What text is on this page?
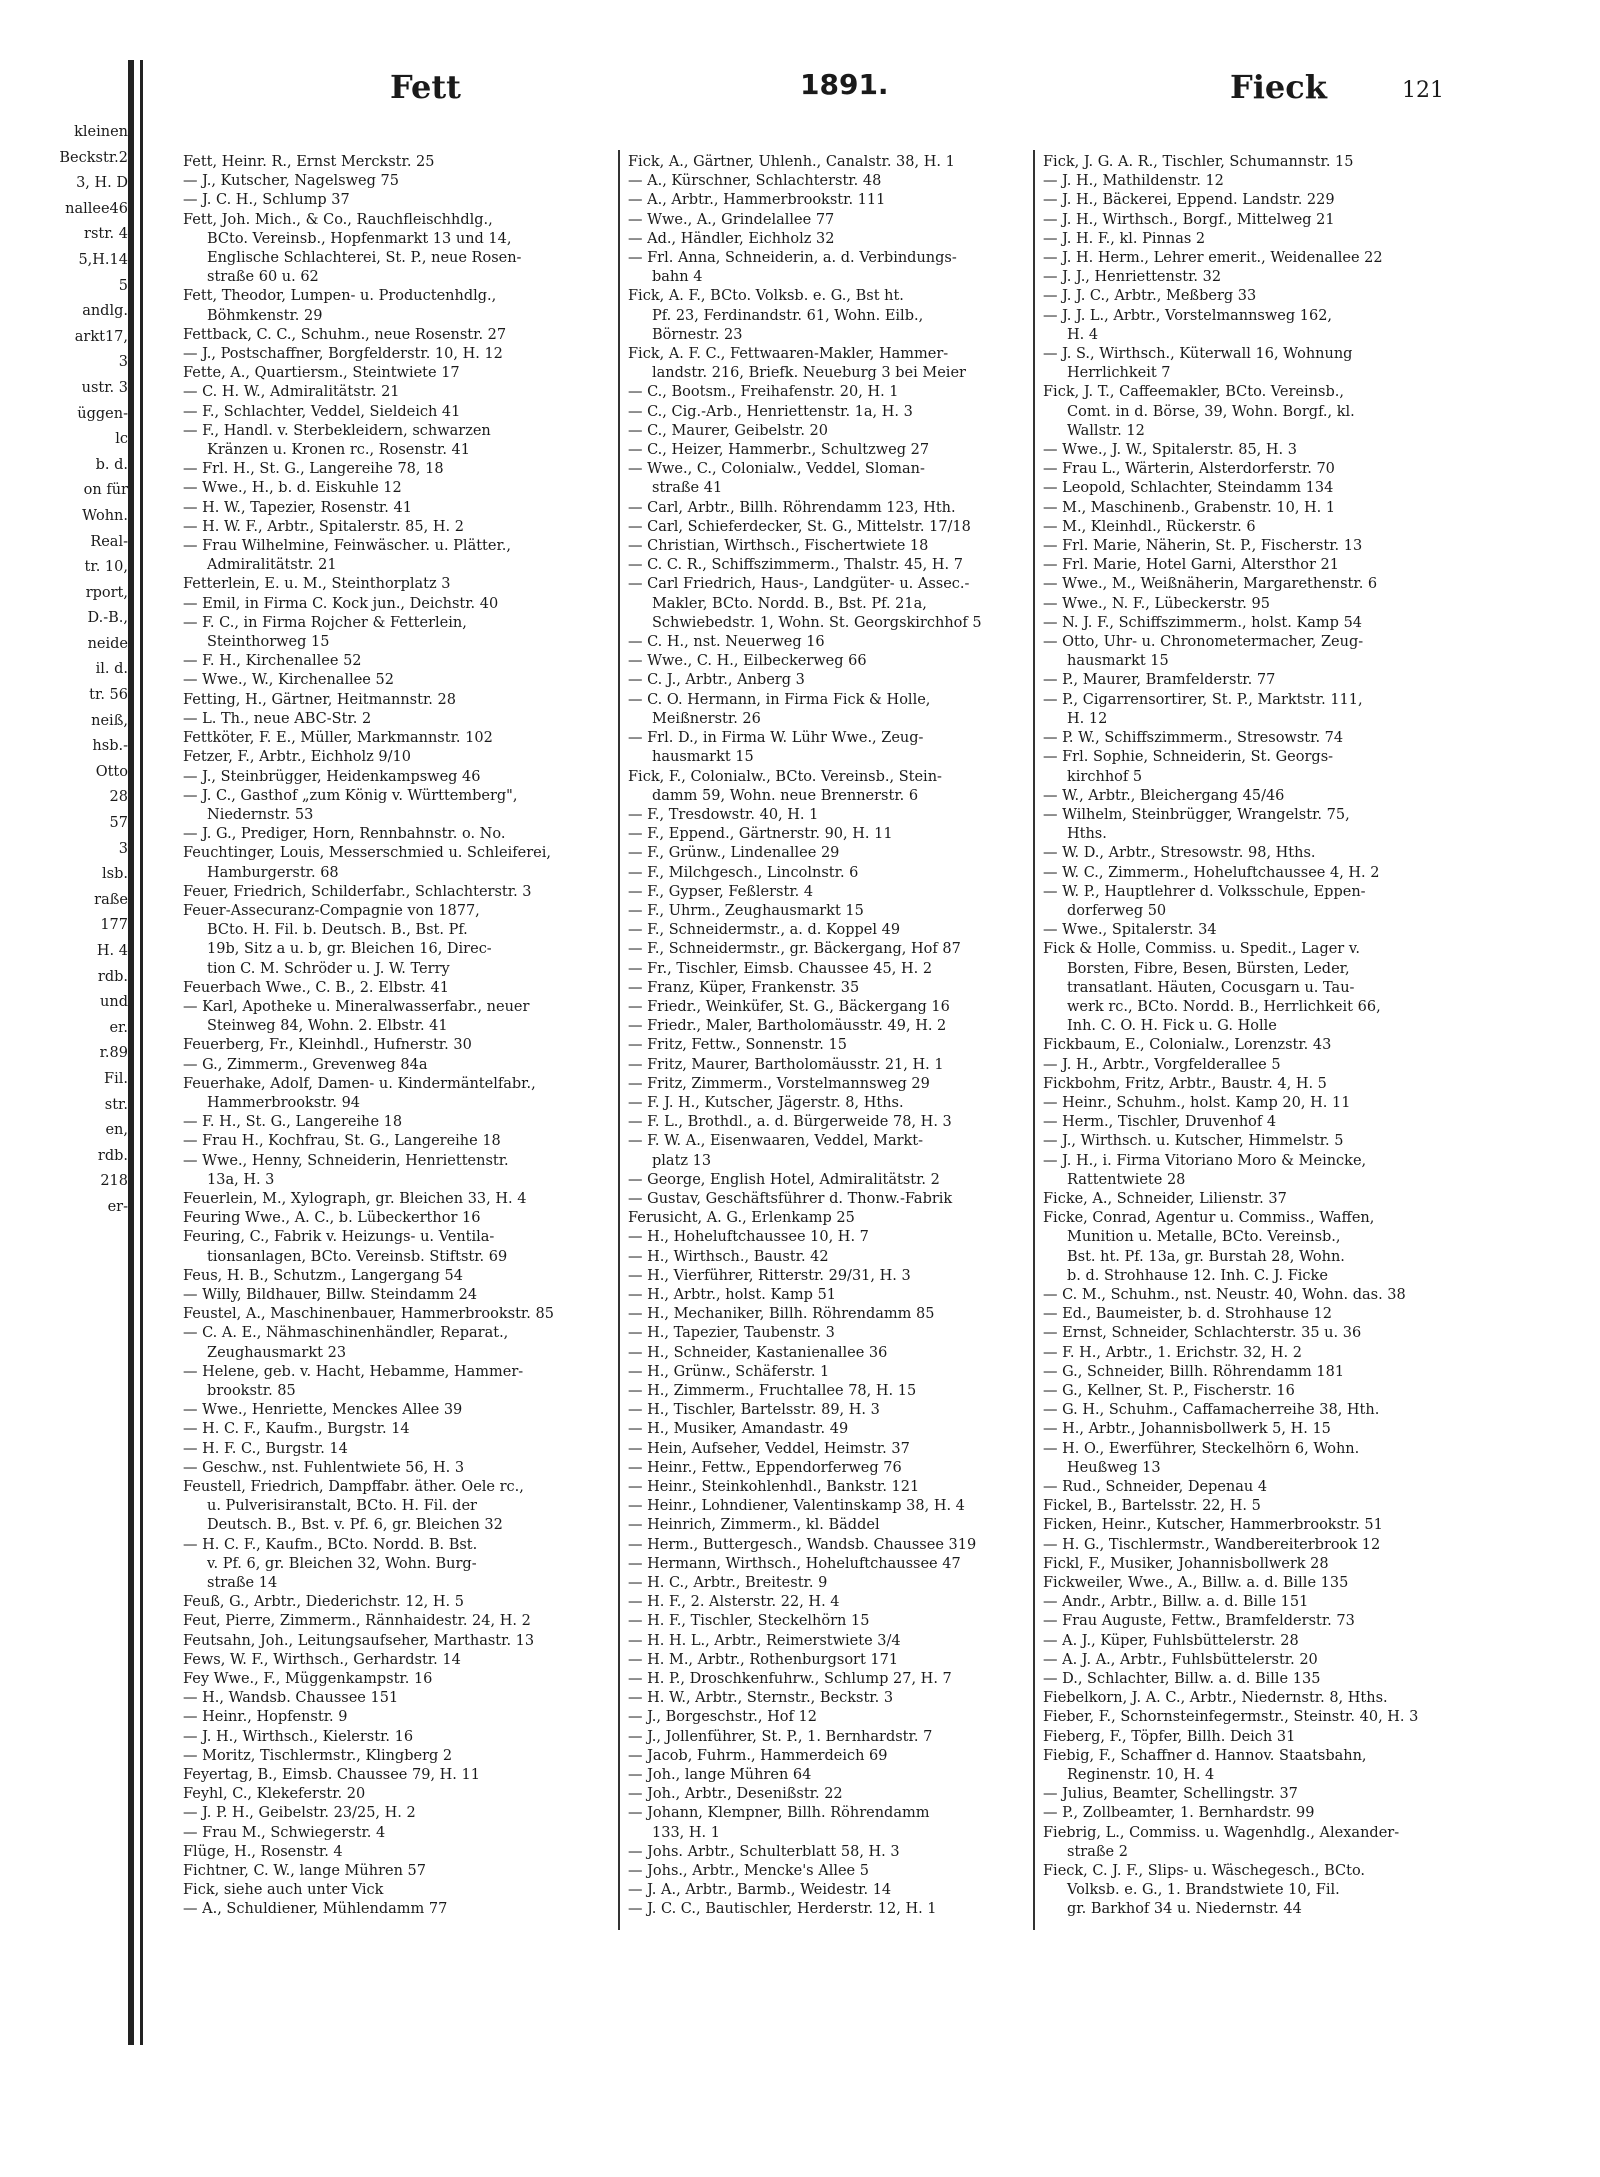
kleinen
Beckstr.2
3, H. D
nallee46
rstr. 4
5,H.14
5
andlg.
arkt17,
3
ustr. 3
üggen-
lc
b. d.
on für
Wohn.
Real-
tr. 10,
rport,
D.-B.,
neide
il. d.
tr. 56
neiß,
hsb.-
Otto
28
57
3
lsb.
raße
177
H. 4
rdb.
und
er.
r.89
Fil.
str.
en,
rdb.
218
er-
Fett	1891.	Fieck	121
Fett, Heinr. R., Ernst Merckstr. 25
— J., Kutscher, Nagelsweg 75
— J. C. H., Schlump 37
Fett, Joh. Mich., & Co., Rauchfleischhdlg.,
BCto. Vereinsb., Hopfenmarkt 13 und 14,
Englische Schlachterei, St. P., neue Rosen-
straße 60 u. 62
Fett, Theodor, Lumpen- u. Productenhdlg.,
Böhmkenstr. 29
Fettback, C. C., Schuhm., neue Rosenstr. 27
— J., Postschaffner, Borgfelderstr. 10, H. 12
Fette, A., Quartiersm., Steintwiete 17
— C. H. W., Admiralitätstr. 21
— F., Schlachter, Veddel, Sieldeich 41
— F., Handl. v. Sterbekleidern, schwarzen
Kränzen u. Kronen rc., Rosenstr. 41
— Frl. H., St. G., Langereihe 78, 18
— Wwe., H., b. d. Eiskuhle 12
— H. W., Tapezier, Rosenstr. 41
— H. W. F., Arbtr., Spitalerstr. 85, H. 2
— Frau Wilhelmine, Feinwäscher. u. Plätter.,
Admiralitätstr. 21
Fetterlein, E. u. M., Steinthorplatz 3
— Emil, in Firma C. Kock jun., Deichstr. 40
— F. C., in Firma Rojcher & Fetterlein,
Steinthorweg 15
— F. H., Kirchenallee 52
— Wwe., W., Kirchenallee 52
Fetting, H., Gärtner, Heitmannstr. 28
— L. Th., neue ABC-Str. 2
Fettköter, F. E., Müller, Markmannstr. 102
Fetzer, F., Arbtr., Eichholz 9/10
— J., Steinbrügger, Heidenkampsweg 46
— J. C., Gasthof „zum König v. Württemberg",
Niedernstr. 53
— J. G., Prediger, Horn, Rennbahnstr. o. No.
Feuchtinger, Louis, Messerschmied u. Schleiferei,
Hamburgerstr. 68
Feuer, Friedrich, Schilderfabr., Schlachterstr. 3
Feuer-Assecuranz-Compagnie von 1877,
BCto. H. Fil. b. Deutsch. B., Bst. Pf.
19b, Sitz a u. b, gr. Bleichen 16, Direc-
tion C. M. Schröder u. J. W. Terry
Feuerbach Wwe., C. B., 2. Elbstr. 41
— Karl, Apotheke u. Mineralwasserfabr., neuer
Steinweg 84, Wohn. 2. Elbstr. 41
Feuerberg, Fr., Kleinhdl., Hufnerstr. 30
— G., Zimmerm., Grevenweg 84a
Feuerhake, Adolf, Damen- u. Kindermäntelfabr.,
Hammerbrookstr. 94
— F. H., St. G., Langereihe 18
— Frau H., Kochfrau, St. G., Langereihe 18
— Wwe., Henny, Schneiderin, Henriettenstr.
13a, H. 3
Feuerlein, M., Xylograph, gr. Bleichen 33, H. 4
Feuring Wwe., A. C., b. Lübeckerthor 16
Feuring, C., Fabrik v. Heizungs- u. Ventila-
tionsanlagen, BCto. Vereinsb. Stiftstr. 69
Feus, H. B., Schutzm., Langergang 54
— Willy, Bildhauer, Billw. Steindamm 24
Feustel, A., Maschinenbauer, Hammerbrookstr. 85
— C. A. E., Nähmaschinenhändler, Reparat.,
Zeughausmarkt 23
— Helene, geb. v. Hacht, Hebamme, Hammer-
brookstr. 85
— Wwe., Henriette, Menckes Allee 39
— H. C. F., Kaufm., Burgstr. 14
— H. F. C., Burgstr. 14
— Geschw., nst. Fuhlentwiete 56, H. 3
Feustell, Friedrich, Dampffabr. äther. Oele rc.,
u. Pulverisiranstalt, BCto. H. Fil. der
Deutsch. B., Bst. v. Pf. 6, gr. Bleichen 32
— H. C. F., Kaufm., BCto. Nordd. B. Bst.
v. Pf. 6, gr. Bleichen 32, Wohn. Burg-
straße 14
Feuß, G., Arbtr., Diederichstr. 12, H. 5
Feut, Pierre, Zimmerm., Rännhaidestr. 24, H. 2
Feutsahn, Joh., Leitungsaufseher, Marthastr. 13
Fews, W. F., Wirthsch., Gerhardstr. 14
Fey Wwe., F., Müggenkampstr. 16
— H., Wandsb. Chaussee 151
— Heinr., Hopfenstr. 9
— J. H., Wirthsch., Kielerstr. 16
— Moritz, Tischlermstr., Klingberg 2
Feyertag, B., Eimsb. Chaussee 79, H. 11
Feyhl, C., Klekeferstr. 20
— J. P. H., Geibelstr. 23/25, H. 2
— Frau M., Schwiegerstr. 4
Flüge, H., Rosenstr. 4
Fichtner, C. W., lange Mühren 57
Fick, siehe auch unter Vick
— A., Schuldiener, Mühlendamm 77
Fick, A., Gärtner, Uhlenh., Canalstr. 38, H. 1
— A., Kürschner, Schlachterstr. 48
— A., Arbtr., Hammerbrookstr. 111
— Wwe., A., Grindelallee 77
— Ad., Händler, Eichholz 32
— Frl. Anna, Schneiderin, a. d. Verbindungs-
bahn 4
Fick, A. F., BCto. Volksb. e. G., Bst ht.
Pf. 23, Ferdinandstr. 61, Wohn. Eilb.,
Börnestr. 23
Fick, A. F. C., Fettwaaren-Makler, Hammer-
landstr. 216, Briefk. Neueburg 3 bei Meier
— C., Bootsm., Freihafenstr. 20, H. 1
— C., Cig.-Arb., Henriettenstr. 1a, H. 3
— C., Maurer, Geibelstr. 20
— C., Heizer, Hammerbr., Schultzweg 27
— Wwe., C., Colonialw., Veddel, Sloman-
straße 41
— Carl, Arbtr., Billh. Röhrendamm 123, Hth.
— Carl, Schieferdecker, St. G., Mittelstr. 17/18
— Christian, Wirthsch., Fischertwiete 18
— C. C. R., Schiffszimmerm., Thalstr. 45, H. 7
— Carl Friedrich, Haus-, Landgüter- u. Assec.-
Makler, BCto. Nordd. B., Bst. Pf. 21a,
Schwiebedstr. 1, Wohn. St. Georgskirchhof 5
— C. H., nst. Neuerweg 16
— Wwe., C. H., Eilbeckerweg 66
— C. J., Arbtr., Anberg 3
— C. O. Hermann, in Firma Fick & Holle,
Meißnerstr. 26
— Frl. D., in Firma W. Lühr Wwe., Zeug-
hausmarkt 15
Fick, F., Colonialw., BCto. Vereinsb., Stein-
damm 59, Wohn. neue Brennerstr. 6
— F., Tresdowstr. 40, H. 1
— F., Eppend., Gärtnerstr. 90, H. 11
— F., Grünw., Lindenallee 29
— F., Milchgesch., Lincolnstr. 6
— F., Gypser, Feßlerstr. 4
— F., Uhrm., Zeughausmarkt 15
— F., Schneidermstr., a. d. Koppel 49
— F., Schneidermstr., gr. Bäckergang, Hof 87
— Fr., Tischler, Eimsb. Chaussee 45, H. 2
— Franz, Küper, Frankenstr. 35
— Friedr., Weinküfer, St. G., Bäckergang 16
— Friedr., Maler, Bartholomäusstr. 49, H. 2
— Fritz, Fettw., Sonnenstr. 15
— Fritz, Maurer, Bartholomäusstr. 21, H. 1
— Fritz, Zimmerm., Vorstelmannsweg 29
— F. J. H., Kutscher, Jägerstr. 8, Hths.
— F. L., Brothdl., a. d. Bürgerweide 78, H. 3
— F. W. A., Eisenwaaren, Veddel, Markt-
platz 13
— George, English Hotel, Admiralitätstr. 2
— Gustav, Geschäftsführer d. Thonw.-Fabrik
Ferusicht, A. G., Erlenkamp 25
— H., Hoheluftchaussee 10, H. 7
— H., Wirthsch., Baustr. 42
— H., Vierführer, Ritterstr. 29/31, H. 3
— H., Arbtr., holst. Kamp 51
— H., Mechaniker, Billh. Röhrendamm 85
— H., Tapezier, Taubenstr. 3
— H., Schneider, Kastanienallee 36
— H., Grünw., Schäferstr. 1
— H., Zimmerm., Fruchtallee 78, H. 15
— H., Tischler, Bartelsstr. 89, H. 3
— H., Musiker, Amandastr. 49
— Hein, Aufseher, Veddel, Heimstr. 37
— Heinr., Fettw., Eppendorferweg 76
— Heinr., Steinkohlenhdl., Bankstr. 121
— Heinr., Lohndiener, Valentinskamp 38, H. 4
— Heinrich, Zimmerm., kl. Bäddel
— Herm., Buttergesch., Wandsb. Chaussee 319
— Hermann, Wirthsch., Hoheluftchaussee 47
— H. C., Arbtr., Breitestr. 9
— H. F., 2. Alsterstr. 22, H. 4
— H. F., Tischler, Steckelhörn 15
— H. H. L., Arbtr., Reimerstwiete 3/4
— H. M., Arbtr., Rothenburgsort 171
— H. P., Droschkenfuhrw., Schlump 27, H. 7
— H. W., Arbtr., Sternstr., Beckstr. 3
— J., Borgeschstr., Hof 12
— J., Jollenführer, St. P., 1. Bernhardstr. 7
— Jacob, Fuhrm., Hammerdeich 69
— Joh., lange Mühren 64
— Joh., Arbtr., Desenißstr. 22
— Johann, Klempner, Billh. Röhrendamm
133, H. 1
— Johs. Arbtr., Schulterblatt 58, H. 3
— Johs., Arbtr., Mencke's Allee 5
— J. A., Arbtr., Barmb., Weidestr. 14
— J. C. C., Bautischler, Herderstr. 12, H. 1
Fick, J. G. A. R., Tischler, Schumannstr. 15
— J. H., Mathildenstr. 12
— J. H., Bäckerei, Eppend. Landstr. 229
— J. H., Wirthsch., Borgf., Mittelweg 21
— J. H. F., kl. Pinnas 2
— J. H. Herm., Lehrer emerit., Weidenallee 22
— J. J., Henriettenstr. 32
— J. J. C., Arbtr., Meßberg 33
— J. J. L., Arbtr., Vorstelmannsweg 162,
H. 4
— J. S., Wirthsch., Küterwall 16, Wohnung
Herrlichkeit 7
Fick, J. T., Caffeemakler, BCto. Vereinsb.,
Comt. in d. Börse, 39, Wohn. Borgf., kl.
Wallstr. 12
— Wwe., J. W., Spitalerstr. 85, H. 3
— Frau L., Wärterin, Alsterdorferstr. 70
— Leopold, Schlachter, Steindamm 134
— M., Maschinenb., Grabenstr. 10, H. 1
— M., Kleinhdl., Rückerstr. 6
— Frl. Marie, Näherin, St. P., Fischerstr. 13
— Frl. Marie, Hotel Garni, Altersthor 21
— Wwe., M., Weißnäherin, Margarethenstr. 6
— Wwe., N. F., Lübeckerstr. 95
— N. J. F., Schiffszimmerm., holst. Kamp 54
— Otto, Uhr- u. Chronometermacher, Zeug-
hausmarkt 15
— P., Maurer, Bramfelderstr. 77
— P., Cigarrensortirer, St. P., Marktstr. 111,
H. 12
— P. W., Schiffszimmerm., Stresowstr. 74
— Frl. Sophie, Schneiderin, St. Georgs-
kirchhof 5
— W., Arbtr., Bleichergang 45/46
— Wilhelm, Steinbrügger, Wrangelstr. 75,
Hths.
— W. D., Arbtr., Stresowstr. 98, Hths.
— W. C., Zimmerm., Hoheluftchaussee 4, H. 2
— W. P., Hauptlehrer d. Volksschule, Eppen-
dorferweg 50
— Wwe., Spitalerstr. 34
Fick & Holle, Commiss. u. Spedit., Lager v.
Borsten, Fibre, Besen, Bürsten, Leder,
transatlant. Häuten, Cocusgarn u. Tau-
werk rc., BCto. Nordd. B., Herrlichkeit 66,
Inh. C. O. H. Fick u. G. Holle
Fickbaum, E., Colonialw., Lorenzstr. 43
— J. H., Arbtr., Vorgfelderallee 5
Fickbohm, Fritz, Arbtr., Baustr. 4, H. 5
— Heinr., Schuhm., holst. Kamp 20, H. 11
— Herm., Tischler, Druvenhof 4
— J., Wirthsch. u. Kutscher, Himmelstr. 5
— J. H., i. Firma Vitoriano Moro & Meincke,
Rattentwiete 28
Ficke, A., Schneider, Lilienstr. 37
Ficke, Conrad, Agentur u. Commiss., Waffen,
Munition u. Metalle, BCto. Vereinsb.,
Bst. ht. Pf. 13a, gr. Burstah 28, Wohn.
b. d. Strohhause 12. Inh. C. J. Ficke
— C. M., Schuhm., nst. Neustr. 40, Wohn. das. 38
— Ed., Baumeister, b. d. Strohhause 12
— Ernst, Schneider, Schlachterstr. 35 u. 36
— F. H., Arbtr., 1. Erichstr. 32, H. 2
— G., Schneider, Billh. Röhrendamm 181
— G., Kellner, St. P., Fischerstr. 16
— G. H., Schuhm., Caffamacherreihe 38, Hth.
— H., Arbtr., Johannisbollwerk 5, H. 15
— H. O., Ewerführer, Steckelhörn 6, Wohn.
Heußweg 13
— Rud., Schneider, Depenau 4
Fickel, B., Bartelsstr. 22, H. 5
Ficken, Heinr., Kutscher, Hammerbrookstr. 51
— H. G., Tischlermstr., Wandbereiterbrook 12
Fickl, F., Musiker, Johannisbollwerk 28
Fickweiler, Wwe., A., Billw. a. d. Bille 135
— Andr., Arbtr., Billw. a. d. Bille 151
— Frau Auguste, Fettw., Bramfelderstr. 73
— A. J., Küper, Fuhlsbüttelerstr. 28
— A. J. A., Arbtr., Fuhlsbüttelerstr. 20
— D., Schlachter, Billw. a. d. Bille 135
Fiebelkorn, J. A. C., Arbtr., Niedernstr. 8, Hths.
Fieber, F., Schornsteinfegermstr., Steinstr. 40, H. 3
Fieberg, F., Töpfer, Billh. Deich 31
Fiebig, F., Schaffner d. Hannov. Staatsbahn,
Reginenstr. 10, H. 4
— Julius, Beamter, Schellingstr. 37
— P., Zollbeamter, 1. Bernhardstr. 99
Fiebrig, L., Commiss. u. Wagenhdlg., Alexander-
straße 2
Fieck, C. J. F., Slips- u. Wäschegesch., BCto.
Volksb. e. G., 1. Brandstwiete 10, Fil.
gr. Barkhof 34 u. Niedernstr. 44
